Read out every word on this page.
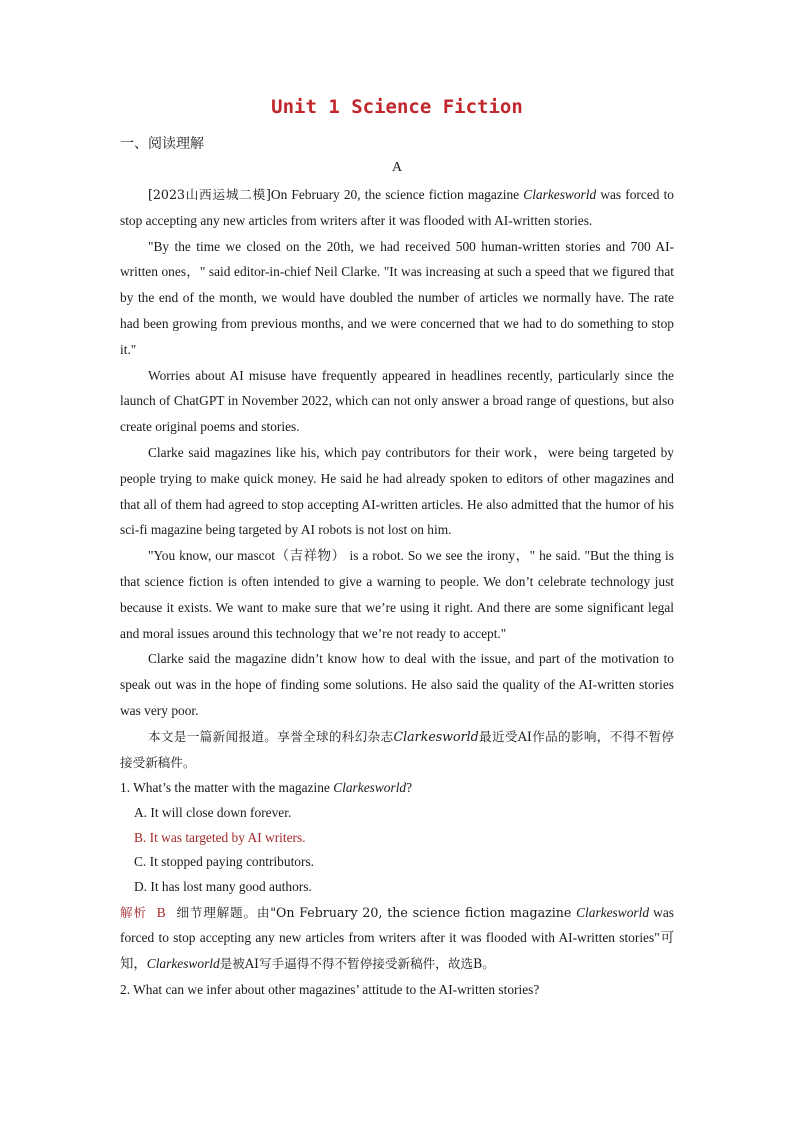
Unit 1 Science Fiction
一、阅读理解
A

[2023山西运城二模]On February 20, the science fiction magazine Clarkesworld was forced to stop accepting any new articles from writers after it was flooded with AI-written stories.

"By the time we closed on the 20th, we had received 500 human-written stories and 700 AI-written ones，" said editor-in-chief Neil Clarke. "It was increasing at such a speed that we figured that by the end of the month, we would have doubled the number of articles we normally have. The rate had been growing from previous months, and we were concerned that we had to do something to stop it."

Worries about AI misuse have frequently appeared in headlines recently, particularly since the launch of ChatGPT in November 2022, which can not only answer a broad range of questions, but also create original poems and stories.

Clarke said magazines like his, which pay contributors for their work，were being targeted by people trying to make quick money. He said he had already spoken to editors of other magazines and that all of them had agreed to stop accepting AI-written articles. He also admitted that the humor of his sci-fi magazine being targeted by AI robots is not lost on him.

"You know, our mascot（吉祥物） is a robot. So we see the irony，" he said. "But the thing is that science fiction is often intended to give a warning to people. We don’t celebrate technology just because it exists. We want to make sure that we’re using it right. And there are some significant legal and moral issues around this technology that we’re not ready to accept."

Clarke said the magazine didn’t know how to deal with the issue, and part of the motivation to speak out was in the hope of finding some solutions. He also said the quality of the AI-written stories was very poor.

本文是一篇新闻报道。享誉全球的科幻杂志Clarkesworld最近受AI作品的影响，不得不暂停接受新稿件。

1. What’s the matter with the magazine Clarkesworld?

A. It will close down forever.
B. It was targeted by AI writers.
C. It stopped paying contributors.
D. It has lost many good authors.

解析 B 细节理解题。由"On February 20, the science fiction magazine Clarkesworld was forced to stop accepting any new articles from writers after it was flooded with AI-written stories"可知，Clarkesworld是被AI写手逼得不得不暂停接受新稿件，故选B。

2. What can we infer about other magazines’ attitude to the AI-written stories?
